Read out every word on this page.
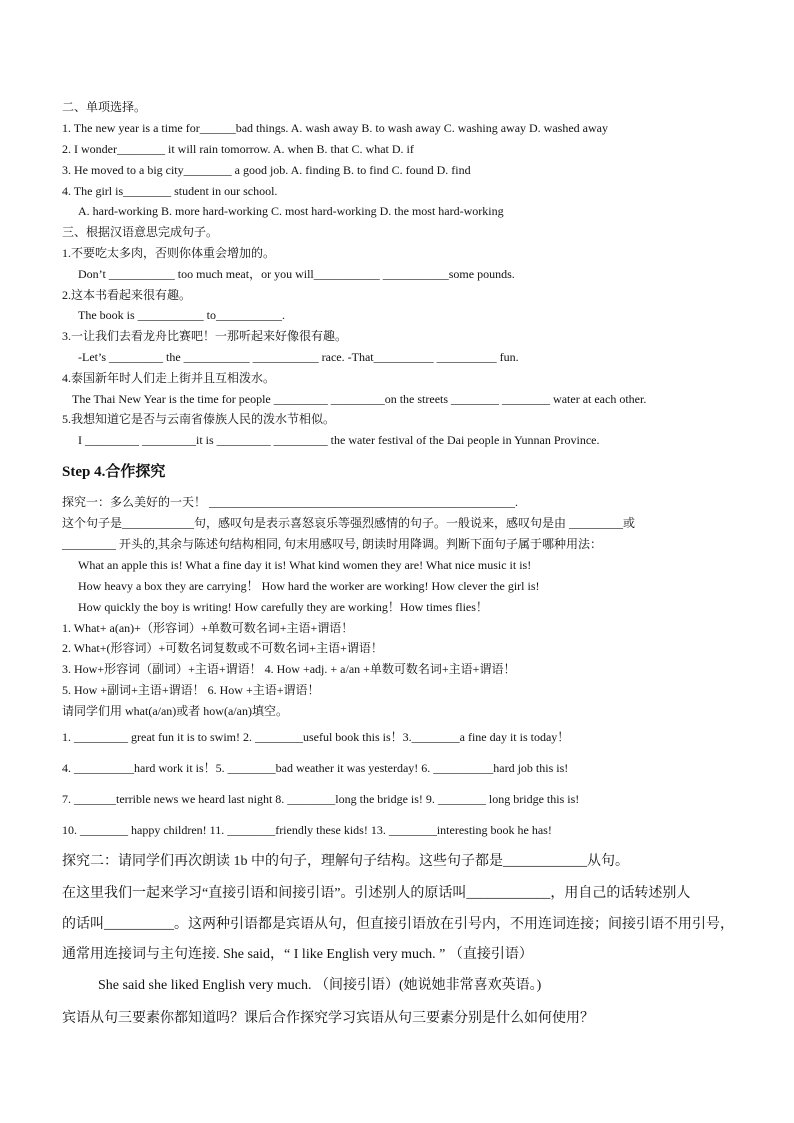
二、单项选择。
1. The new year is a time for______bad things. A. wash away B. to wash away C. washing away D. washed away
2. I wonder________ it will rain tomorrow. A. when B. that C. what D. if
3. He moved to a big city________ a good job. A. finding B. to find C. found D. find
4. The girl is________ student in our school.
A. hard-working B. more hard-working C. most hard-working D. the most hard-working
三、根据汉语意思完成句子。
1.不要吃太多肉，否则你体重会增加的。
Don’t ___________ too much meat，or you will___________ ___________some pounds.
2.这本书看起来很有趣。
The book is ___________ to___________.
3.一让我们去看龙舟比赛吧！一那听起来好像很有趣。
-Let’s _________ the ___________ ___________ race. -That__________ __________ fun.
4.泰国新年时人们走上街并且互相泼水。
The Thai New Year is the time for people _________ _________on the streets ________ ________ water at each other.
5.我想知道它是否与云南省傣族人民的泼水节相似。
I _________ _________it is _________ _________ the water festival of the Dai people in Yunnan Province.
Step 4.合作探究
探究一：多么美好的一天！ ___________________________________________________.
这个句子是____________句，感叹句是表示喜怒哀乐等强烈感情的句子。一般说来，感叹句是由 _________或
_________ 开头的,其余与陈述句结构相同, 句末用感叹号, 朗读时用降调。判断下面句子属于哪种用法：
What an apple this is! What a fine day it is! What kind women they are! What nice music it is!
How heavy a box they are carrying！ How hard the worker are working! How clever the girl is!
How quickly the boy is writing! How carefully they are working！How times flies！
1. What+ a(an)+（形容词）+单数可数名词+主语+谓语！
2. What+(形容词）+可数名词复数或不可数名词+主语+谓语！
3. How+形容词（副词）+主语+谓语！ 4. How +adj. + a/an +单数可数名词+主语+谓语！
5. How +副词+主语+谓语！ 6. How +主语+谓语！
请同学们用 what(a/an)或者 how(a/an)填空。
1. _________ great fun it is to swim! 2. ________useful book this is！3.________a fine day it is today！
4. __________hard work it is！5. ________bad weather it was yesterday! 6. __________hard job this is!
7. _______terrible news we heard last night 8. ________long the bridge is! 9. ________ long bridge this is!
10. ________ happy children! 11. ________friendly these kids! 13. ________interesting book he has!
探究二：请同学们再次朗读 1b 中的句子，理解句子结构。这些句子都是____________从句。
在这里我们一起来学习“直接引语和间接引语”。引述别人的原话叫____________，用自己的话转述别人
的话叫__________。这两种引语都是宾语从句，但直接引语放在引号内，不用连词连接；间接引语不用引号，
通常用连接词与主句连接. She said，“ I like English very much. ” （直接引语）
She said she liked English very much. （间接引语）(她说她非常喜欢英语。)
宾语从句三要素你都知道吗？课后合作探究学习宾语从句三要素分别是什么如何使用？
